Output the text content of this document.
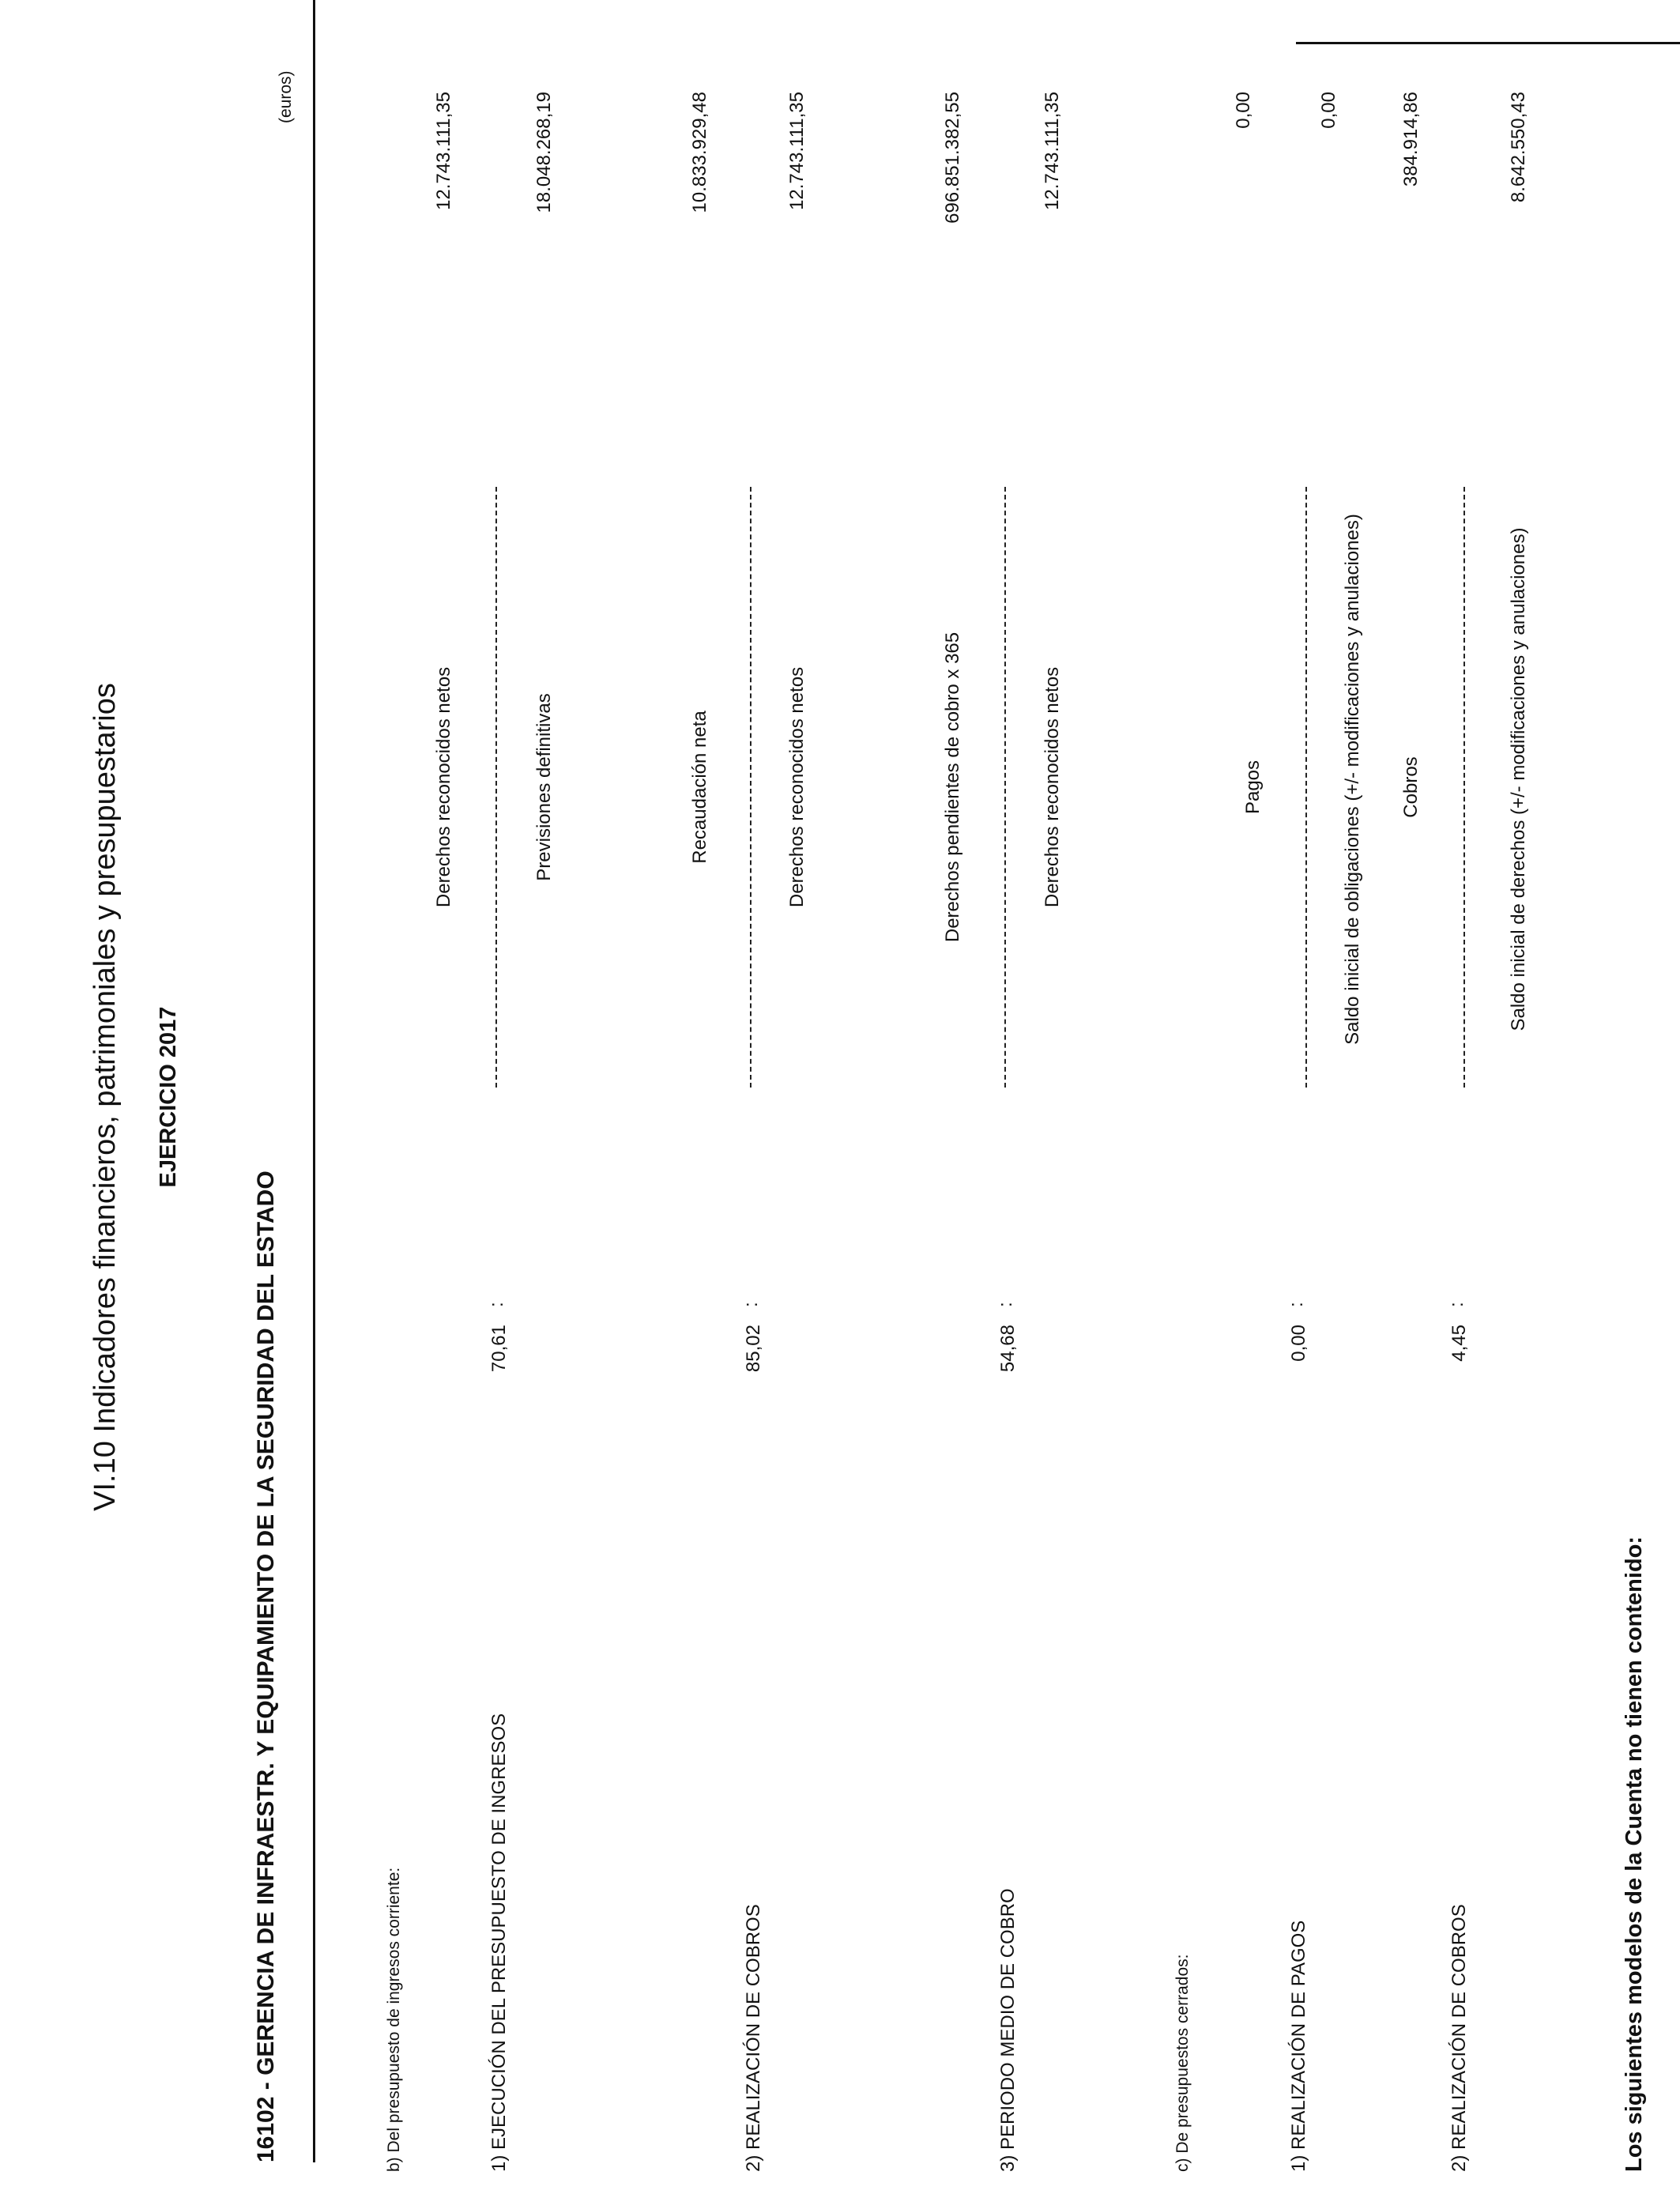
VI.10 Indicadores financieros, patrimoniales y presupuestarios EJERCICIO 2017
16102 - GERENCIA DE INFRAESTR. Y EQUIPAMIENTO DE LA SEGURIDAD DEL ESTADO
(euros)
b) Del presupuesto de ingresos corriente:	1) EJECUCIÓN DEL PRESUPUESTO DE INGRESOS
70,61
:
Derechos reconocidos netos	Previsiones definitivas
12.743.111,35	18.048.268,19
2) REALIZACIÓN DE COBROS
85,02
:
Recaudación neta	Derechos reconocidos netos
10.833.929,48	12.743.111,35
3) PERIODO MEDIO DE COBRO
54,68
:
Derechos pendientes de cobro x 365	Derechos reconocidos netos
696.851.382,55	12.743.111,35
c) De presupuestos cerrados:	1) REALIZACIÓN DE PAGOS
0,00
:
Pagos	Saldo inicial de obligaciones (+/- modificaciones y anulaciones)
0,00
0,00
2) REALIZACIÓN DE COBROS
4,45
:
Cobros	Saldo inicial de derechos (+/- modificaciones y anulaciones)
384.914,86	8.642.550,43
Los siguientes modelos de la Cuenta no tienen contenido:
